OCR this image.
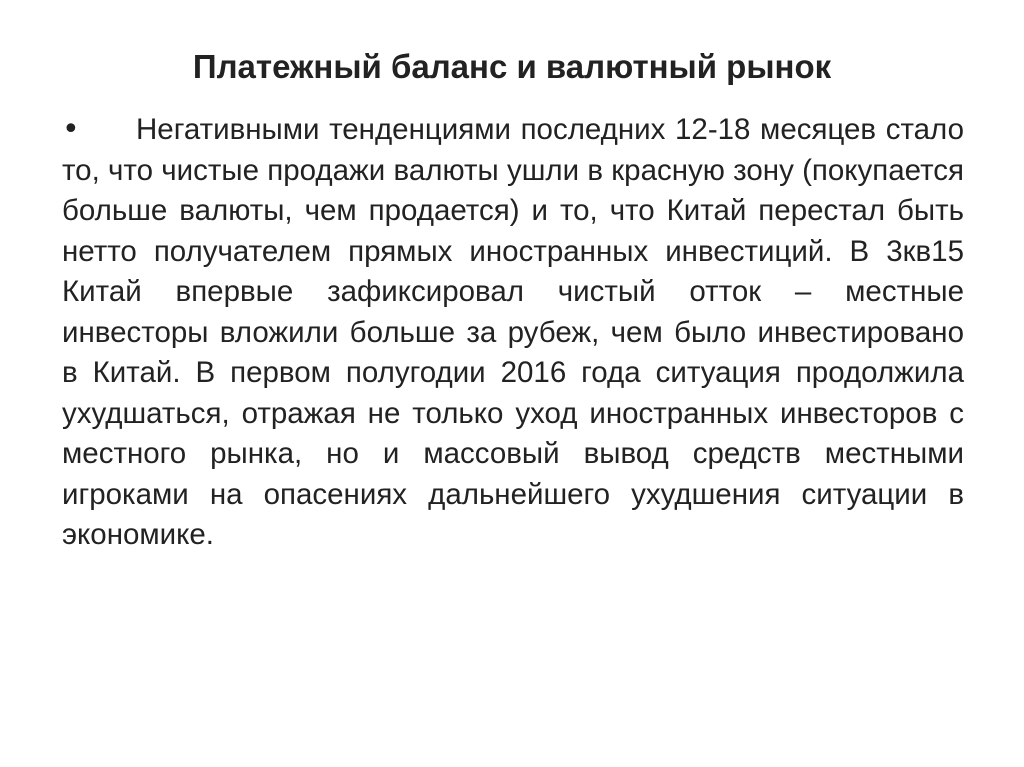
Платежный баланс и валютный рынок

• Негативными тенденциями последних 12-18 месяцев стало то, что чистые продажи валюты ушли в красную зону (покупается больше валюты, чем продается) и то, что Китай перестал быть нетто получателем прямых иностранных инвестиций. В 3кв15 Китай впервые зафиксировал чистый отток – местные инвесторы вложили больше за рубеж, чем было инвестировано в Китай. В первом полугодии 2016 года ситуация продолжила ухудшаться, отражая не только уход иностранных инвесторов с местного рынка, но и массовый вывод средств местными игроками на опасениях дальнейшего ухудшения ситуации в экономике.
